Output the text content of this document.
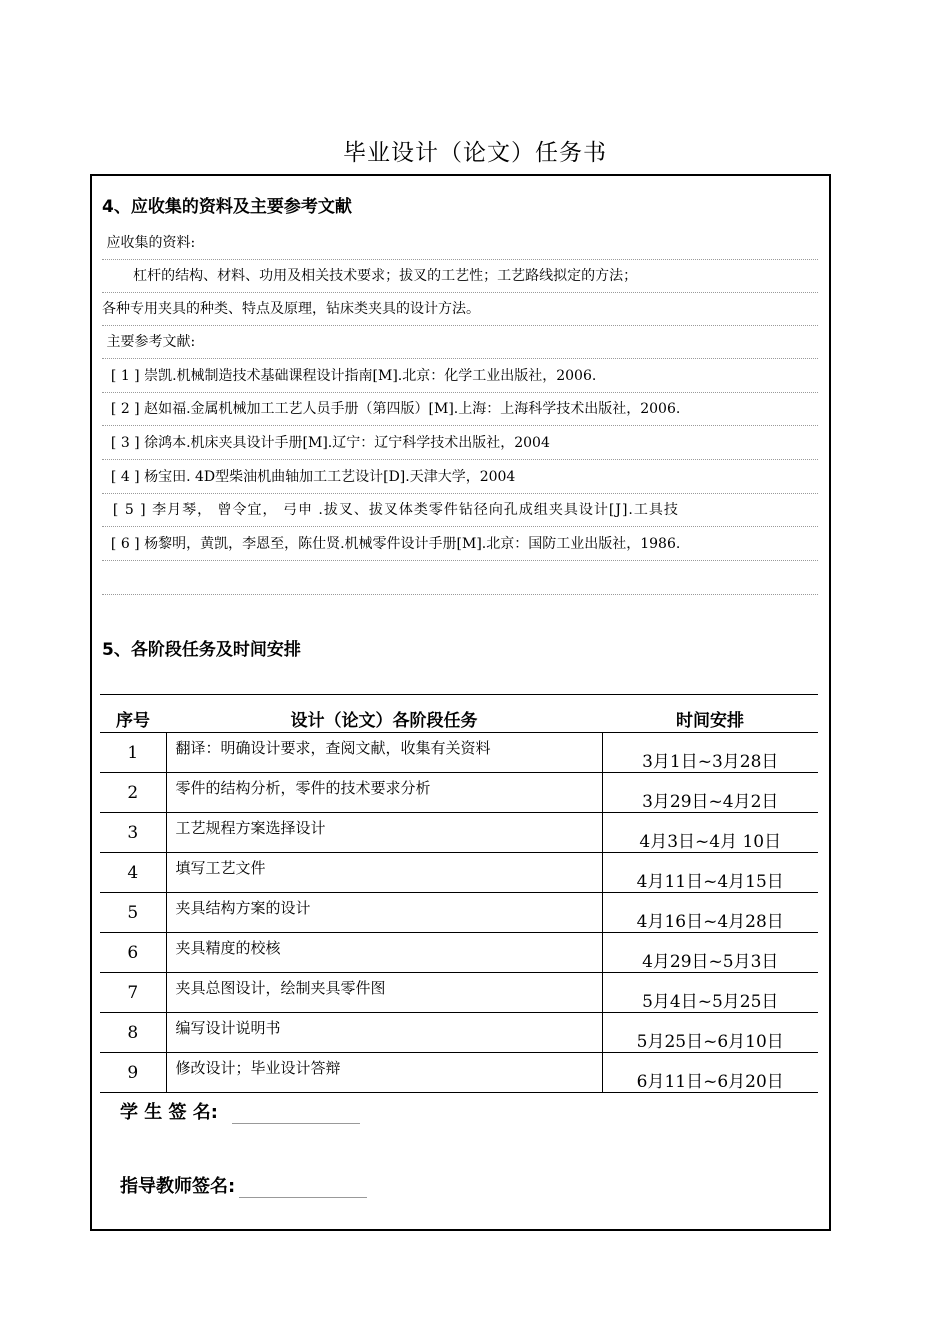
毕业设计（论文）任务书
4、应收集的资料及主要参考文献
应收集的资料:
杠杆的结构、材料、功用及相关技术要求；拔叉的工艺性；工艺路线拟定的方法；
各种专用夹具的种类、特点及原理，钻床类夹具的设计方法。
主要参考文献:
[ 1 ] 崇凯.机械制造技术基础课程设计指南[M].北京：化学工业出版社，2006.
[ 2 ] 赵如福.金属机械加工工艺人员手册（第四版）[M].上海：上海科学技术出版社，2006.
[ 3 ] 徐鸿本.机床夹具设计手册[M].辽宁：辽宁科学技术出版社，2004
[ 4 ] 杨宝田. 4D型柴油机曲轴加工工艺设计[D].天津大学，2004
[ 5 ] 李月琴， 曾令宜， 弓申 .拔叉、拔叉体类零件钻径向孔成组夹具设计[J].工具技
[ 6 ] 杨黎明，黄凯，李恩至，陈仕贤.机械零件设计手册[M].北京：国防工业出版社，1986.
5、各阶段任务及时间安排
序号	设计（论文）各阶段任务	时间安排
1	翻译：明确设计要求，查阅文献，收集有关资料	3月1日~3月28日
2	零件的结构分析，零件的技术要求分析	3月29日~4月2日
3	工艺规程方案选择设计	4月3日~4月 10日
4	填写工艺文件	4月11日~4月15日
5	夹具结构方案的设计	4月16日~4月28日
6	夹具精度的校核	4月29日~5月3日
7	夹具总图设计，绘制夹具零件图	5月4日~5月25日
8	编写设计说明书	5月25日~6月10日
9	修改设计；毕业设计答辩	6月11日~6月20日
学 生 签 名:
指导教师签名:
